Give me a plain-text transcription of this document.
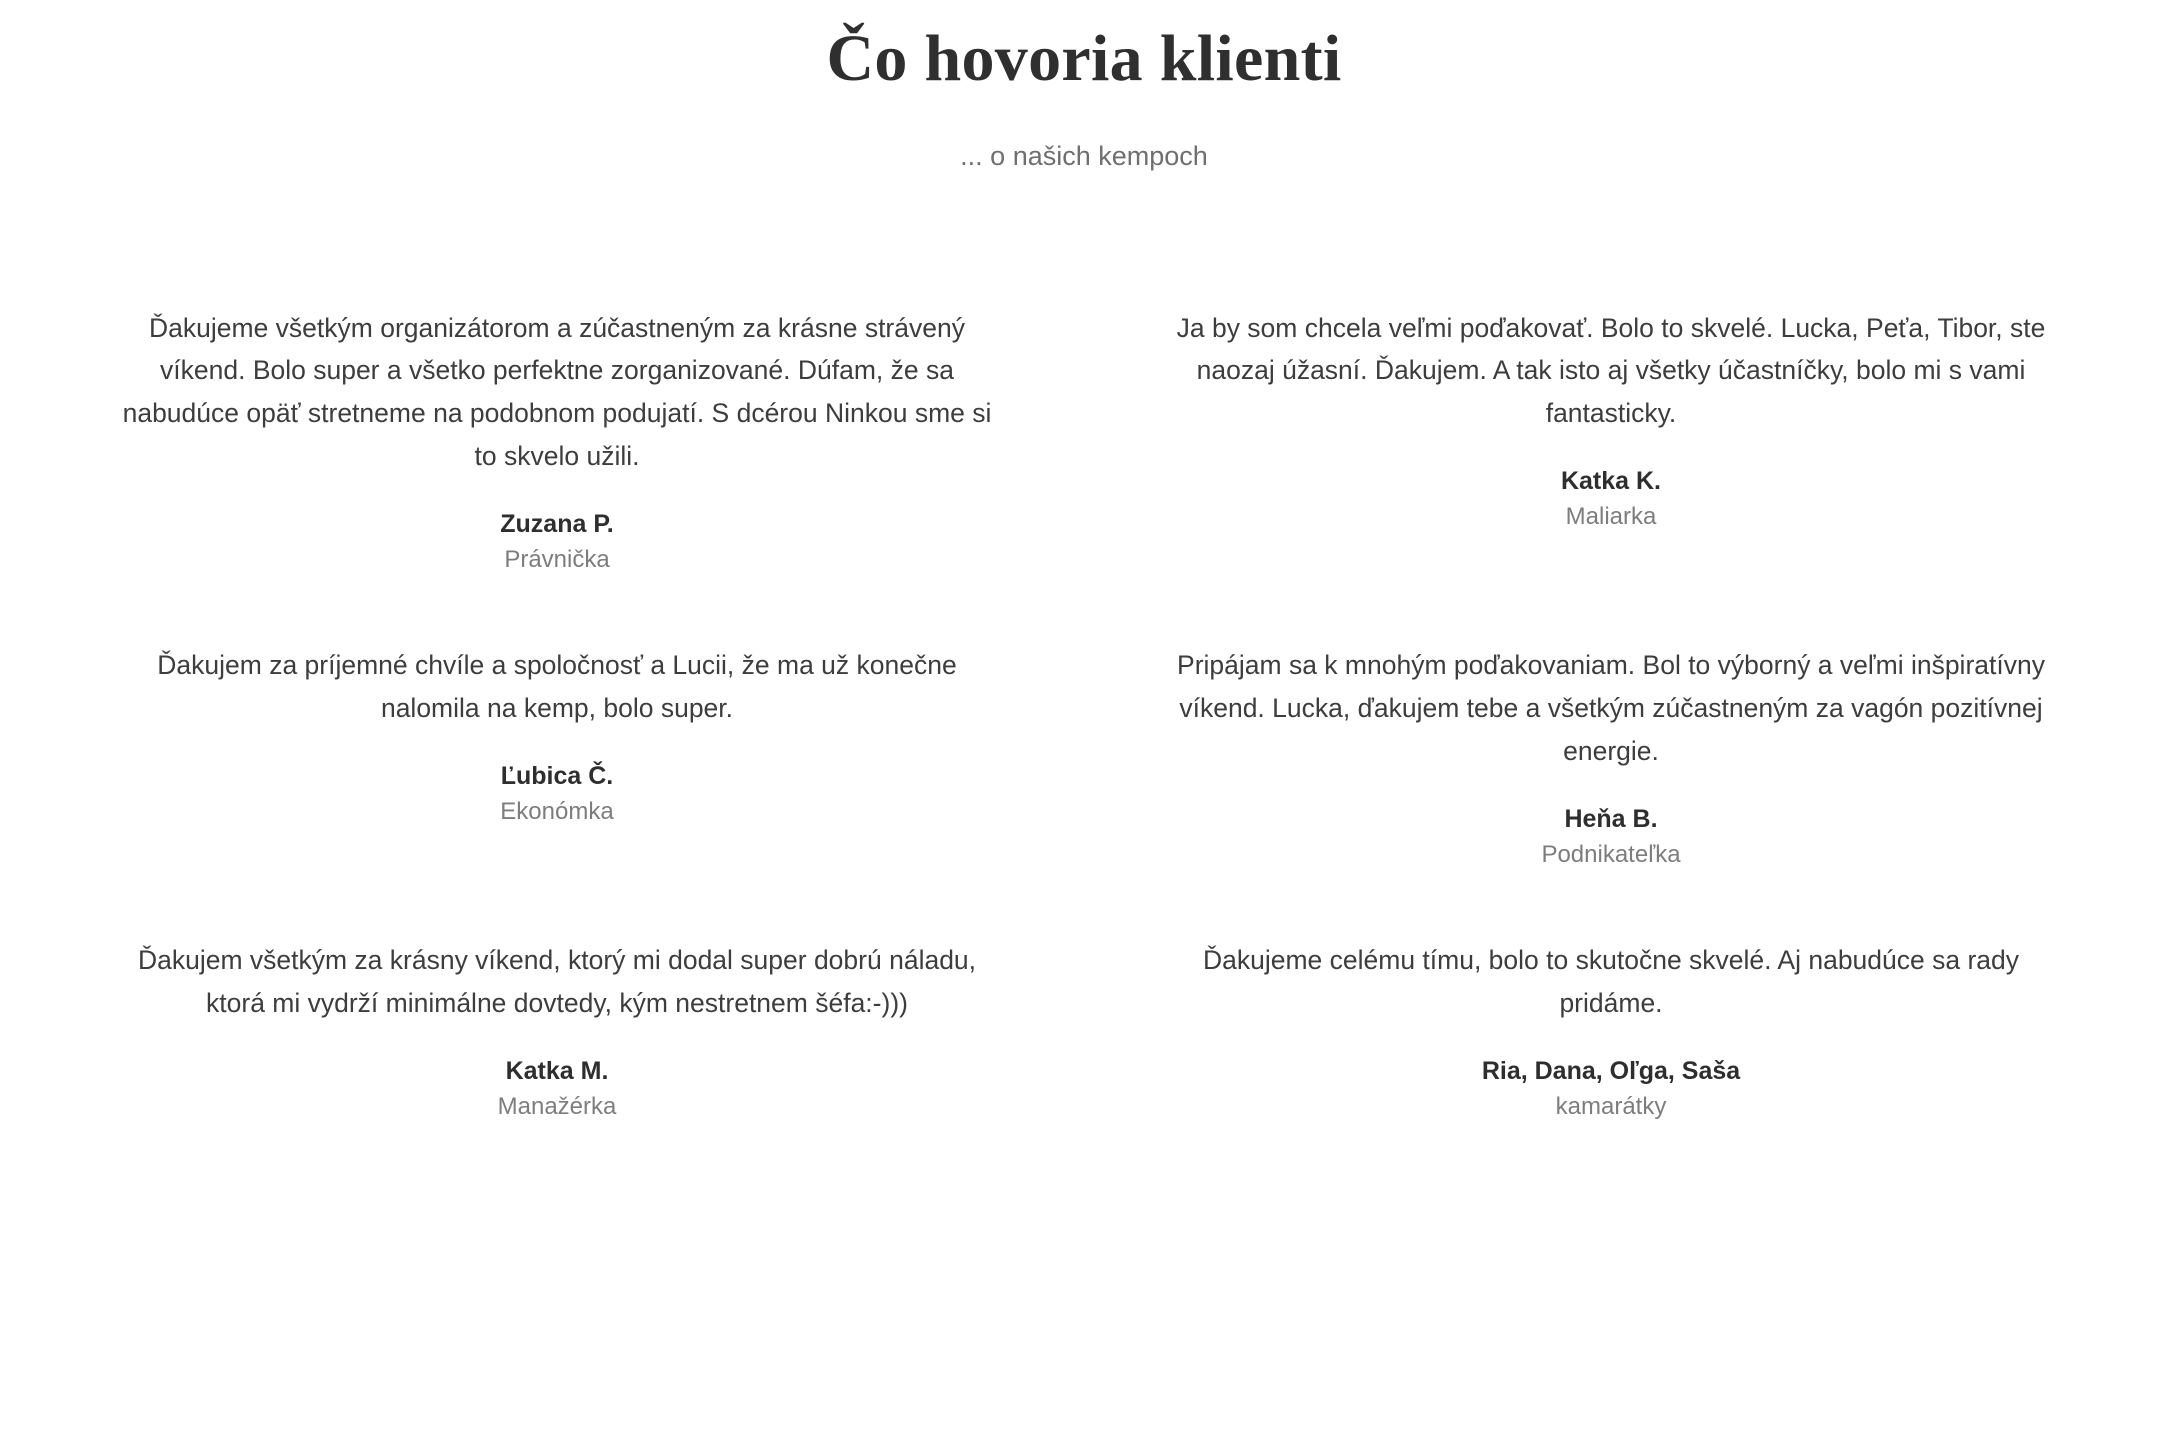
Čo hovoria klienti

... o našich kempoch

Ďakujeme všetkým organizátorom a zúčastneným za krásne strávený víkend. Bolo super a všetko perfektne zorganizované. Dúfam, že sa nabudúce opäť stretneme na podobnom podujatí. S dcérou Ninkou sme si to skvelo užili.

Zuzana P.
Právnička

Ja by som chcela veľmi poďakovať. Bolo to skvelé. Lucka, Peťa, Tibor, ste naozaj úžasní. Ďakujem. A tak isto aj všetky účastníčky, bolo mi s vami fantasticky.

Katka K.
Maliarka

Ďakujem za príjemné chvíle a spoločnosť a Lucii, že ma už konečne nalomila na kemp, bolo super.

Ľubica Č.
Ekonómka

Pripájam sa k mnohým poďakovaniam. Bol to výborný a veľmi inšpiratívny víkend. Lucka, ďakujem tebe a všetkým zúčastneným za vagón pozitívnej energie.

Heňa B.
Podnikateľka

Ďakujem všetkým za krásny víkend, ktorý mi dodal super dobrú náladu, ktorá mi vydrží minimálne dovtedy, kým nestretnem šéfa:-)))

Katka M.
Manažérka

Ďakujeme celému tímu, bolo to skutočne skvelé. Aj nabudúce sa rady pridáme.

Ria, Dana, Oľga, Saša
kamarátky
